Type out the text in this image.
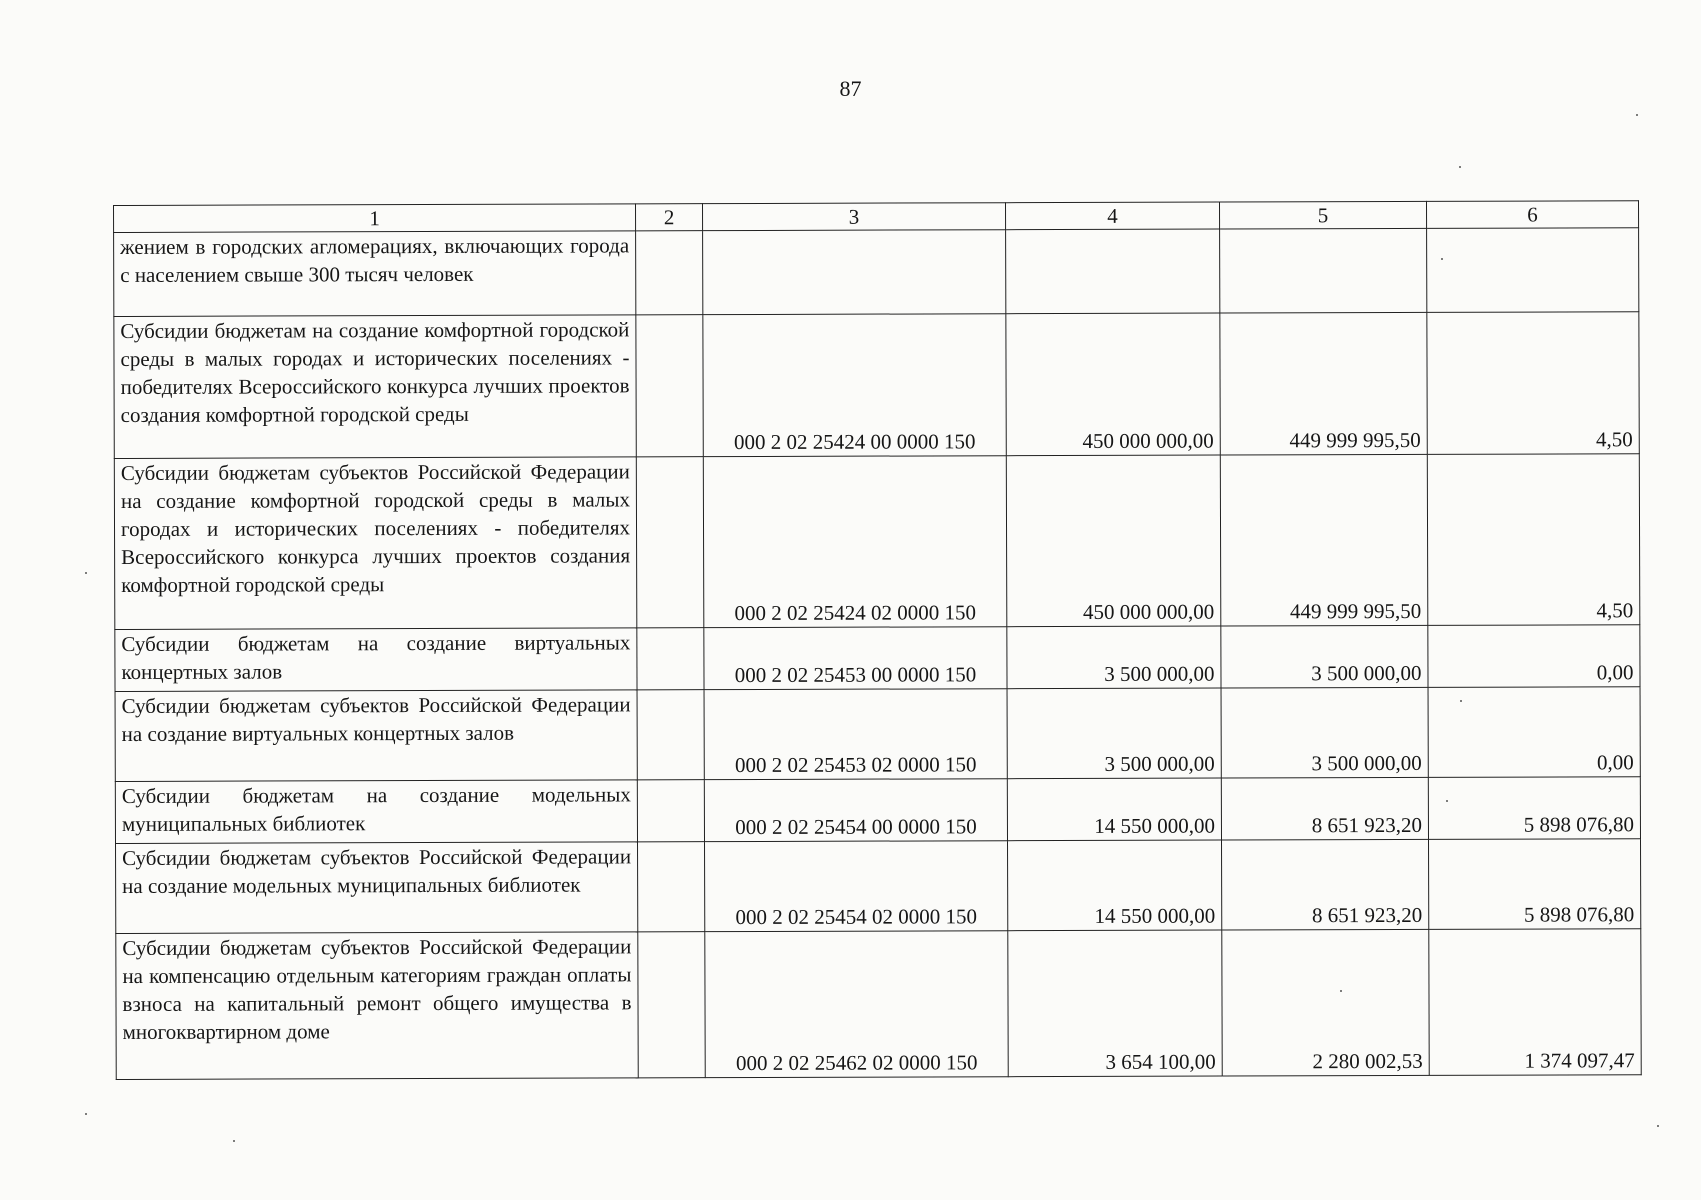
87
1	2	3	4	5	6
жением в городских агломерациях, включающих города с населением свыше 300 тысяч человек					
Субсидии бюджетам на создание комфортной городской среды в малых городах и исторических поселениях - победителях Всероссийского конкурса лучших проектов создания комфортной городской среды		000 2 02 25424 00 0000 150	450 000 000,00	449 999 995,50	4,50
Субсидии бюджетам субъектов Российской Федерации на создание комфортной городской среды в малых городах и исторических поселениях - победителях Всероссийского конкурса лучших проектов создания комфортной городской среды		000 2 02 25424 02 0000 150	450 000 000,00	449 999 995,50	4,50
Субсидии бюджетам на создание виртуальных концертных залов		000 2 02 25453 00 0000 150	3 500 000,00	3 500 000,00	0,00
Субсидии бюджетам субъектов Российской Федерации на создание виртуальных концертных залов		000 2 02 25453 02 0000 150	3 500 000,00	3 500 000,00	0,00
Субсидии бюджетам на создание модельных муниципальных библиотек		000 2 02 25454 00 0000 150	14 550 000,00	8 651 923,20	5 898 076,80
Субсидии бюджетам субъектов Российской Федерации на создание модельных муниципальных библиотек		000 2 02 25454 02 0000 150	14 550 000,00	8 651 923,20	5 898 076,80
Субсидии бюджетам субъектов Российской Федерации на компенсацию отдельным категориям граждан оплаты взноса на капитальный ремонт общего имущества в многоквартирном доме		000 2 02 25462 02 0000 150	3 654 100,00	2 280 002,53	1 374 097,47
